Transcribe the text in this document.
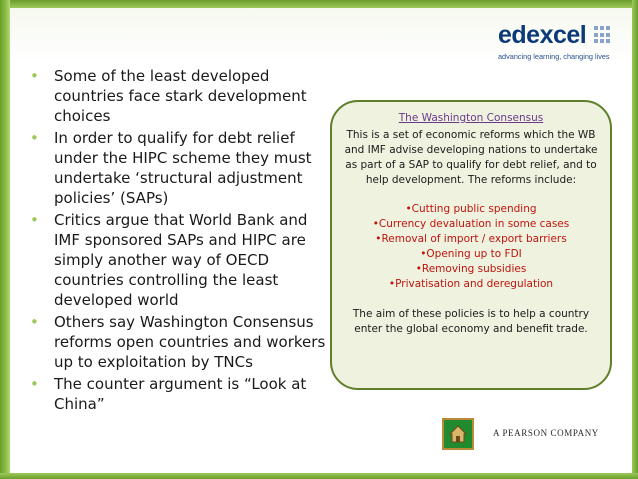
edexcel
advancing learning, changing lives
• Some of the least developed countries face stark development choices
• In order to qualify for debt relief under the HIPC scheme they must undertake ‘structural adjustment policies’ (SAPs)
• Critics argue that World Bank and IMF sponsored SAPs and HIPC are simply another way of OECD countries controlling the least developed world
• Others say Washington Consensus reforms open countries and workers up to exploitation by TNCs
• The counter argument is “Look at China”
The Washington Consensus
This is a set of economic reforms which the WB and IMF advise developing nations to undertake as part of a SAP to qualify for debt relief, and to help development. The reforms include:
•Cutting public spending
•Currency devaluation in some cases
•Removal of import / export barriers
•Opening up to FDI
•Removing subsidies
•Privatisation and deregulation
The aim of these policies is to help a country enter the global economy and benefit trade.
A PEARSON COMPANY
